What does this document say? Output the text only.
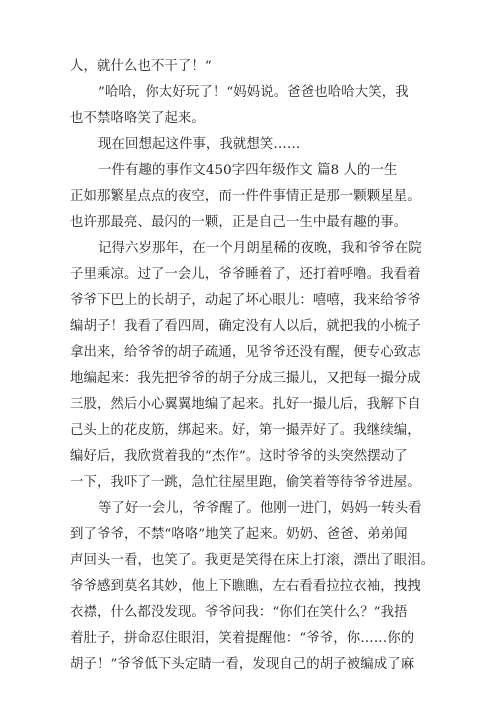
人，就什么也不干了！“
”哈哈，你太好玩了！“妈妈说。爸爸也哈哈大笑，我
也不禁咯咯笑了起来。
现在回想起这件事，我就想笑……
一件有趣的事作文450字四年级作文 篇8 人的一生
正如那繁星点点的夜空，而一件件事情正是那一颗颗星星。
也许那最亮、最闪的一颗，正是自己一生中最有趣的事。
记得六岁那年，在一个月朗星稀的夜晚，我和爷爷在院
子里乘凉。过了一会儿，爷爷睡着了，还打着呼噜。我看着
爷爷下巴上的长胡子，动起了坏心眼儿：嘻嘻，我来给爷爷
编胡子！我看了看四周，确定没有人以后，就把我的小梳子
拿出来，给爷爷的胡子疏通，见爷爷还没有醒，便专心致志
地编起来：我先把爷爷的胡子分成三撮儿，又把每一撮分成
三股，然后小心翼翼地编了起来。扎好一撮儿后，我解下自
己头上的花皮筋，绑起来。好，第一撮弄好了。我继续编，
编好后，我欣赏着我的“杰作”。这时爷爷的头突然摆动了
一下，我吓了一跳，急忙往屋里跑，偷笑着等待爷爷进屋。
等了好一会儿，爷爷醒了。他刚一进门，妈妈一转头看
到了爷爷，不禁“咯咯”地笑了起来。奶奶、爸爸、弟弟闻
声回头一看，也笑了。我更是笑得在床上打滚，漂出了眼泪。
爷爷感到莫名其妙，他上下瞧瞧，左右看看拉拉衣袖，拽拽
衣襟，什么都没发现。爷爷问我：“你们在笑什么？”我捂
着肚子，拼命忍住眼泪，笑着提醒他：“爷爷，你……你的
胡子！”爷爷低下头定睛一看，发现自己的胡子被编成了麻
